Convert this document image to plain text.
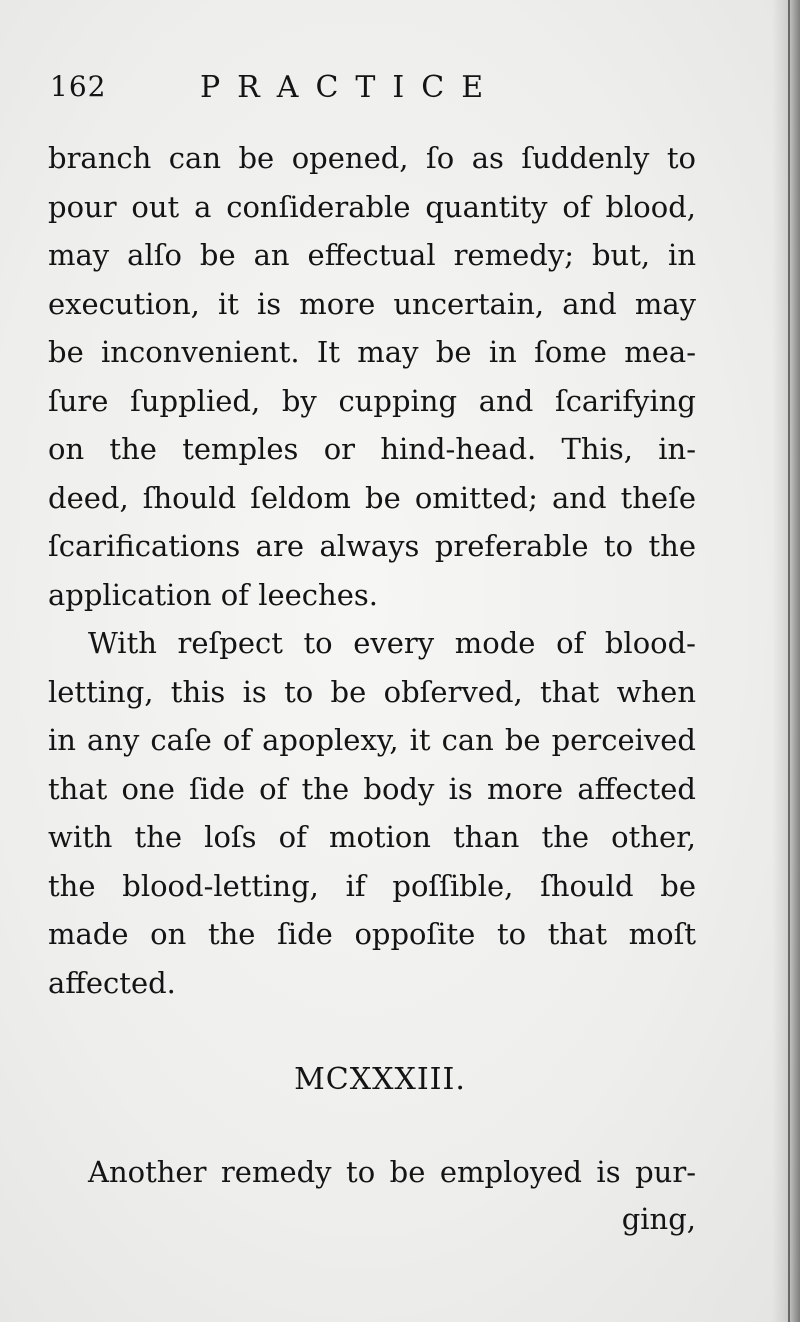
162	PRACTICE
branch can be opened, ſo as ſuddenly to
pour out a conſiderable quantity of blood,
may alſo be an effectual remedy; but, in
execution, it is more uncertain, and may
be inconvenient. It may be in ſome mea-
ſure ſupplied, by cupping and ſcarifying
on the temples or hind-head. This, in-
deed, ſhould ſeldom be omitted; and theſe
ſcarifications are always preferable to the
application of leeches.
With reſpect to every mode of blood-
letting, this is to be obſerved, that when
in any caſe of apoplexy, it can be perceived
that one ſide of the body is more affected
with the loſs of motion than the other,
the blood-letting, if poſſible, ſhould be
made on the ſide oppoſite to that moſt
affected.
MCXXXIII.
Another remedy to be employed is pur-
ging,
